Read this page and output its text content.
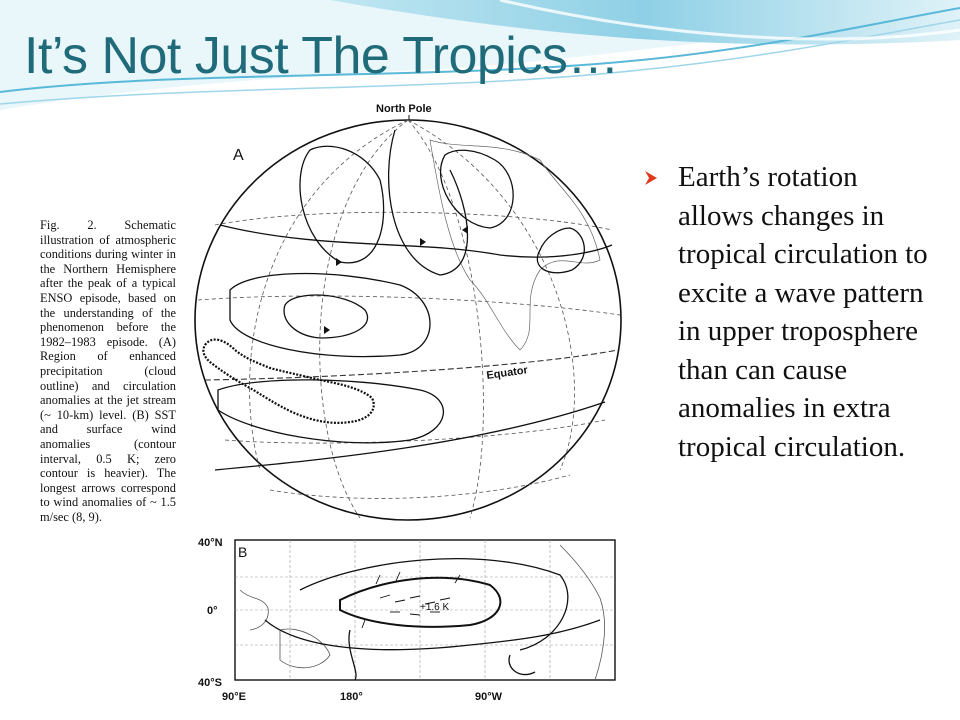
It’s Not Just The Tropics…
North Pole
A
Equator
B
+1.6 K
40°N
0°
40°S
90°E	180°	90°W
Fig. 2. Schematic illustration of atmospheric conditions during winter in the Northern Hemisphere after the peak of a typical ENSO episode, based on the understanding of the phenomenon before the 1982–1983 episode. (A) Region of enhanced precipitation (cloud outline) and circulation anomalies at the jet stream (~ 10-km) level. (B) SST and surface wind anomalies (contour interval, 0.5 K; zero contour is heavier). The longest arrows correspond to wind anomalies of ~ 1.5 m/sec (8, 9).
Earth’s rotation allows changes in tropical circulation to excite a wave pattern in upper troposphere than can cause anomalies in extra tropical circulation.
